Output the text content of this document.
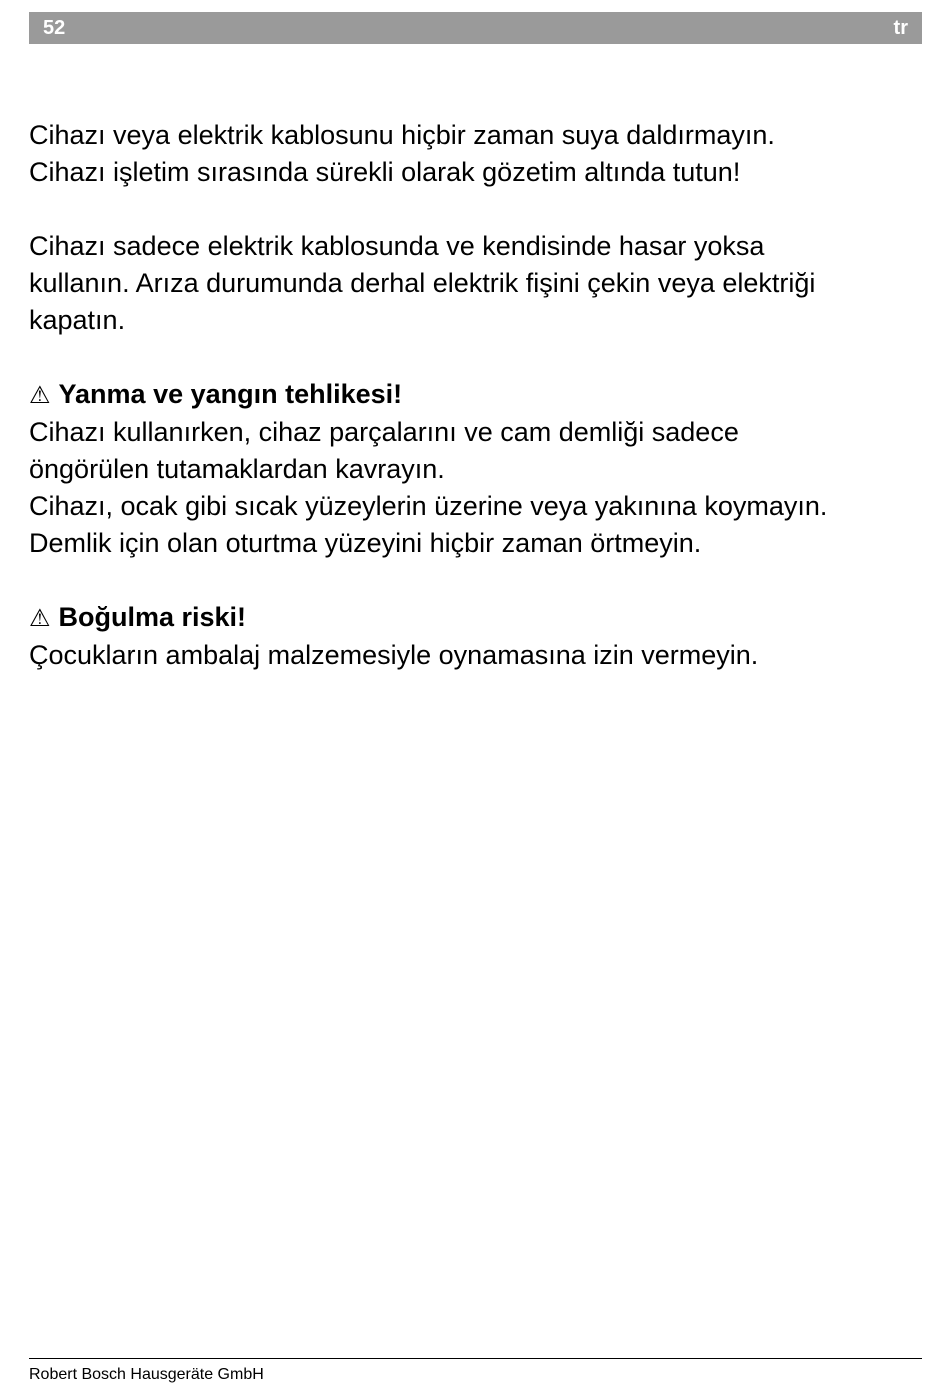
52	tr
Cihazı veya elektrik kablosunu hiçbir zaman suya daldırmayın.
Cihazı işletim sırasında sürekli olarak gözetim altında tutun!
Cihazı sadece elektrik kablosunda ve kendisinde hasar yoksa
kullanın. Arıza durumunda derhal elektrik fişini çekin veya elektriği
kapatın.
⚠ Yanma ve yangın tehlikesi!
Cihazı kullanırken, cihaz parçalarını ve cam demliği sadece
öngörülen tutamaklardan kavrayın.
Cihazı, ocak gibi sıcak yüzeylerin üzerine veya yakınına koymayın.
Demlik için olan oturtma yüzeyini hiçbir zaman örtmeyin.
⚠ Boğulma riski!
Çocukların ambalaj malzemesiyle oynamasına izin vermeyin.
Robert Bosch Hausgeräte GmbH
